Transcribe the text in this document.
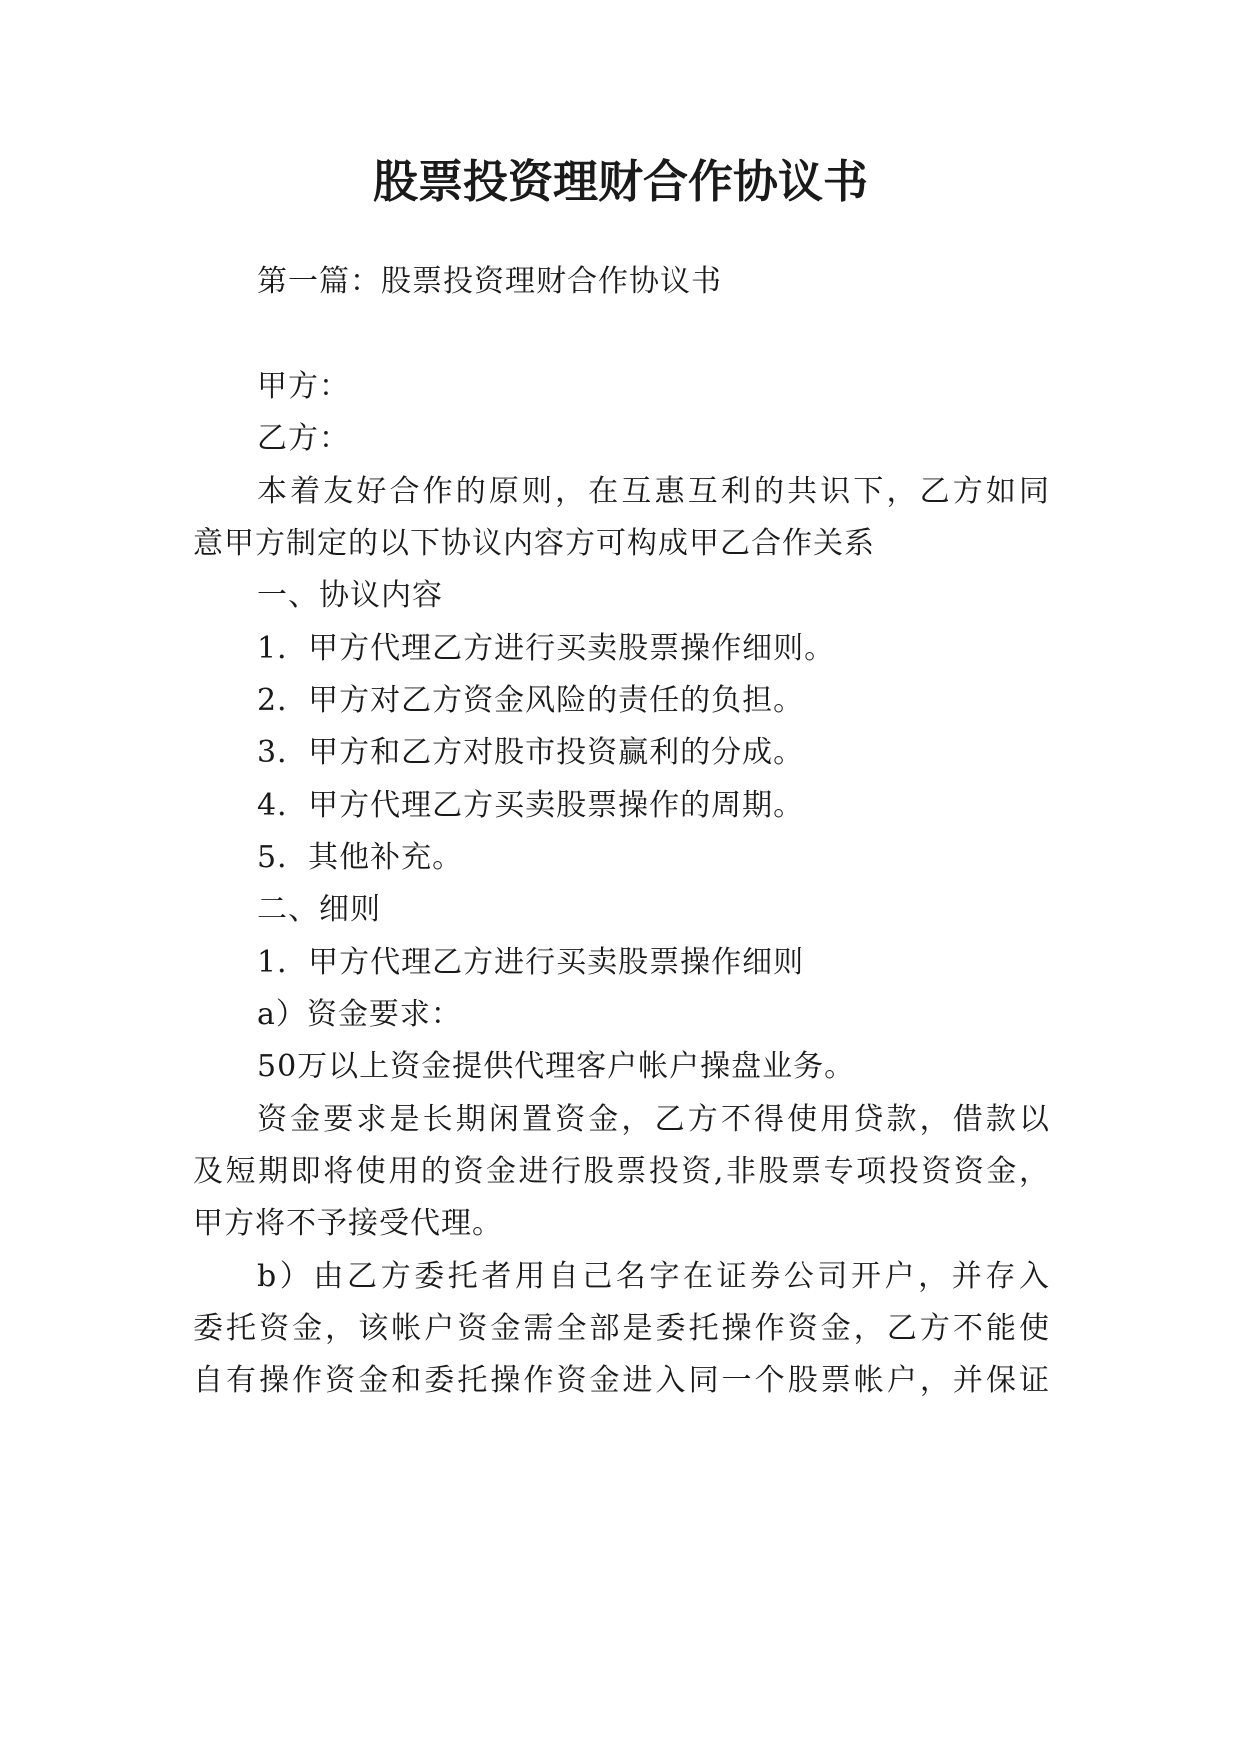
股票投资理财合作协议书
第一篇：股票投资理财合作协议书
甲方：
乙方：
本着友好合作的原则，在互惠互利的共识下，乙方如同
意甲方制定的以下协议内容方可构成甲乙合作关系
一、协议内容
1．甲方代理乙方进行买卖股票操作细则。
2．甲方对乙方资金风险的责任的负担。
3．甲方和乙方对股市投资赢利的分成。
4．甲方代理乙方买卖股票操作的周期。
5．其他补充。
二、细则
1．甲方代理乙方进行买卖股票操作细则
a）资金要求：
50万以上资金提供代理客户帐户操盘业务。
资金要求是长期闲置资金，乙方不得使用贷款，借款以
及短期即将使用的资金进行股票投资,非股票专项投资资金，
甲方将不予接受代理。
b）由乙方委托者用自己名字在证券公司开户，并存入
委托资金，该帐户资金需全部是委托操作资金，乙方不能使
自有操作资金和委托操作资金进入同一个股票帐户，并保证
